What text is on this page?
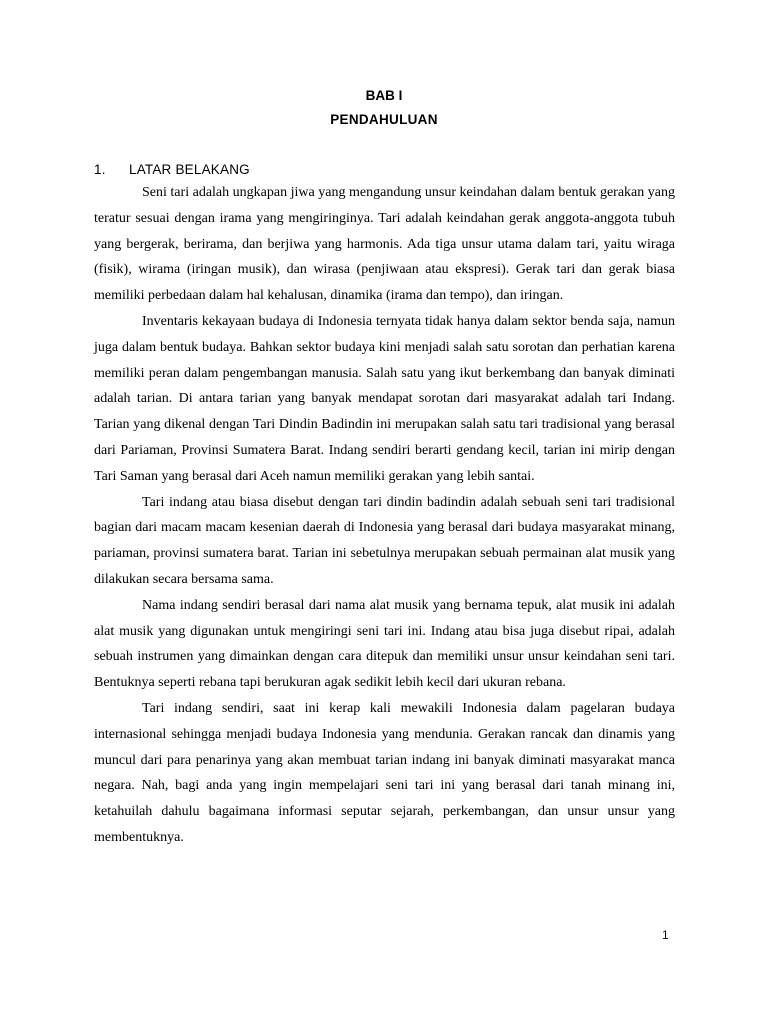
BAB I
PENDAHULUAN
1. LATAR BELAKANG

Seni tari adalah ungkapan jiwa yang mengandung unsur keindahan dalam bentuk gerakan yang teratur sesuai dengan irama yang mengiringinya. Tari adalah keindahan gerak anggota-anggota tubuh yang bergerak, berirama, dan berjiwa yang harmonis. Ada tiga unsur utama dalam tari, yaitu wiraga (fisik), wirama (iringan musik), dan wirasa (penjiwaan atau ekspresi). Gerak tari dan gerak biasa memiliki perbedaan dalam hal kehalusan, dinamika (irama dan tempo), dan iringan.

Inventaris kekayaan budaya di Indonesia ternyata tidak hanya dalam sektor benda saja, namun juga dalam bentuk budaya. Bahkan sektor budaya kini menjadi salah satu sorotan dan perhatian karena memiliki peran dalam pengembangan manusia. Salah satu yang ikut berkembang dan banyak diminati adalah tarian. Di antara tarian yang banyak mendapat sorotan dari masyarakat adalah tari Indang. Tarian yang dikenal dengan Tari Dindin Badindin ini merupakan salah satu tari tradisional yang berasal dari Pariaman, Provinsi Sumatera Barat. Indang sendiri berarti gendang kecil, tarian ini mirip dengan Tari Saman yang berasal dari Aceh namun memiliki gerakan yang lebih santai.

Tari indang atau biasa disebut dengan tari dindin badindin adalah sebuah seni tari tradisional bagian dari macam macam kesenian daerah di Indonesia yang berasal dari budaya masyarakat minang, pariaman, provinsi sumatera barat. Tarian ini sebetulnya merupakan sebuah permainan alat musik yang dilakukan secara bersama sama.

Nama indang sendiri berasal dari nama alat musik yang bernama tepuk, alat musik ini adalah alat musik yang digunakan untuk mengiringi seni tari ini. Indang atau bisa juga disebut ripai, adalah sebuah instrumen yang dimainkan dengan cara ditepuk dan memiliki unsur unsur keindahan seni tari. Bentuknya seperti rebana tapi berukuran agak sedikit lebih kecil dari ukuran rebana.

Tari indang sendiri, saat ini kerap kali mewakili Indonesia dalam pagelaran budaya internasional sehingga menjadi budaya Indonesia yang mendunia. Gerakan rancak dan dinamis yang muncul dari para penarinya yang akan membuat tarian indang ini banyak diminati masyarakat manca negara. Nah, bagi anda yang ingin mempelajari seni tari ini yang berasal dari tanah minang ini, ketahuilah dahulu bagaimana informasi seputar sejarah, perkembangan, dan unsur unsur yang membentuknya.

1
